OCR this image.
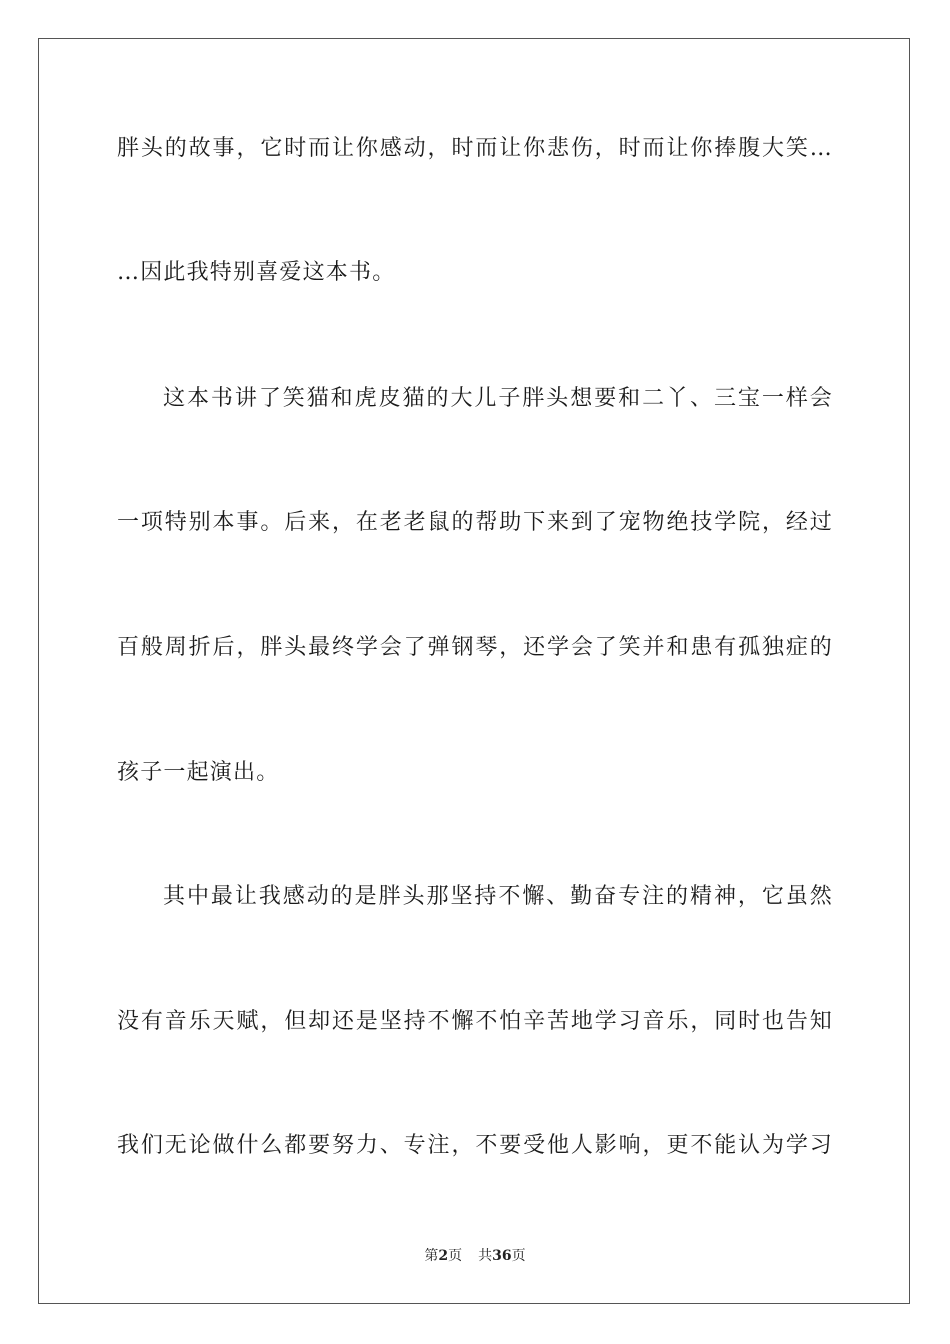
胖头的故事，它时而让你感动，时而让你悲伤，时而让你捧腹大笑…
…因此我特别喜爱这本书。
这本书讲了笑猫和虎皮猫的大儿子胖头想要和二丫、三宝一样会
一项特别本事。后来，在老老鼠的帮助下来到了宠物绝技学院，经过
百般周折后，胖头最终学会了弹钢琴，还学会了笑并和患有孤独症的
孩子一起演出。
其中最让我感动的是胖头那坚持不懈、勤奋专注的精神，它虽然
没有音乐天赋，但却还是坚持不懈不怕辛苦地学习音乐，同时也告知
我们无论做什么都要努力、专注，不要受他人影响，更不能认为学习
第2页 共36页
